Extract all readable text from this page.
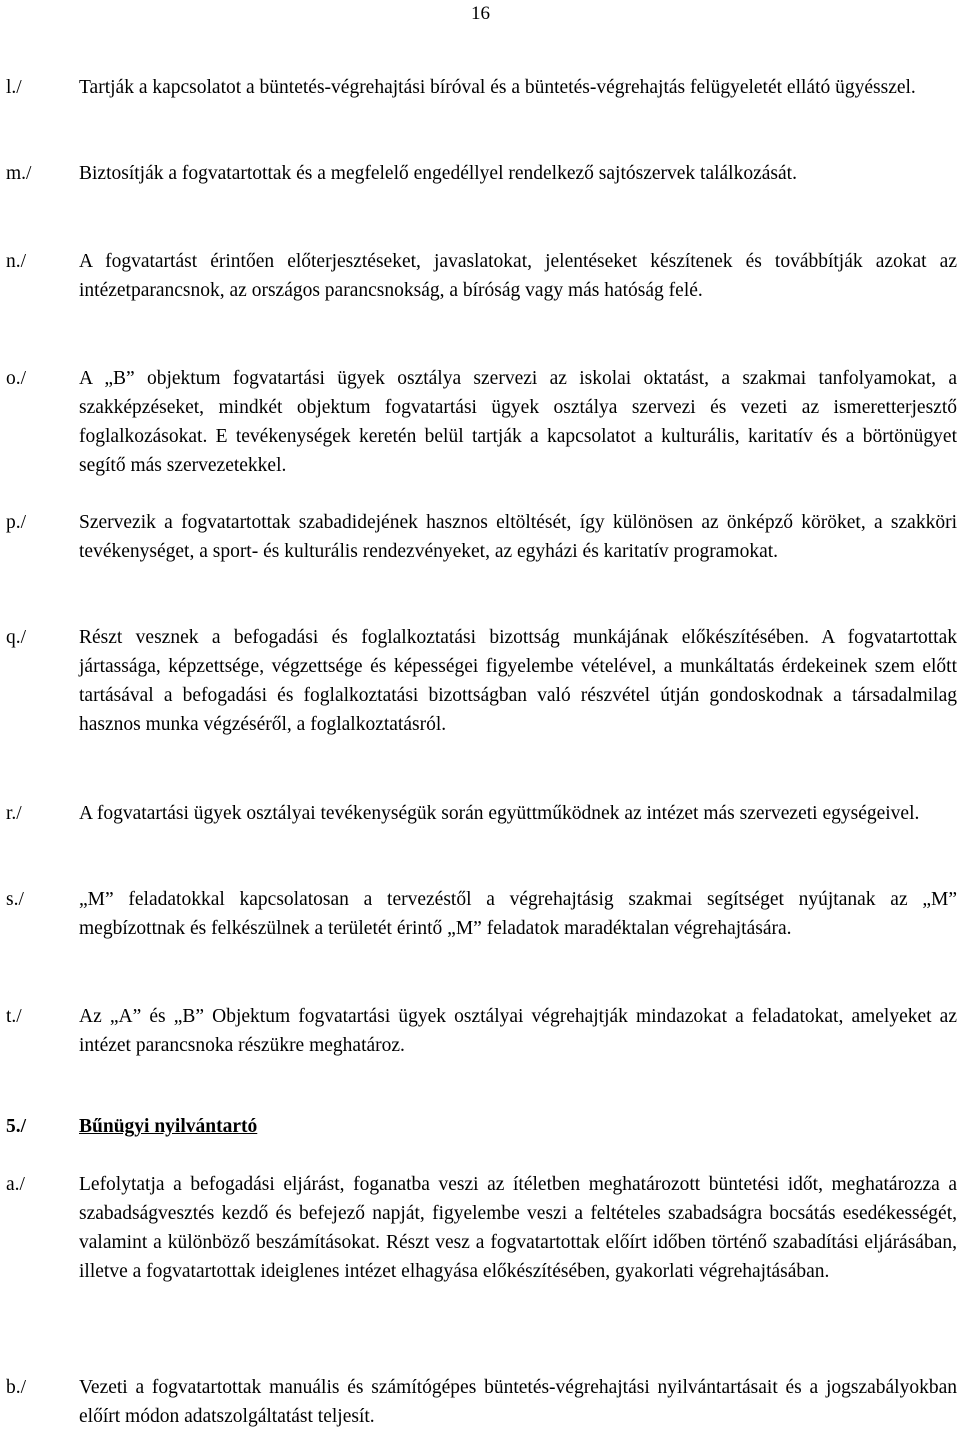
16
l./	Tartják a kapcsolatot a büntetés-végrehajtási bíróval és a büntetés-végrehajtás felügyeletét ellátó ügyésszel.
m./ Biztosítják a fogvatartottak és a megfelelő engedéllyel rendelkező sajtószervek találkozását.
n./	A fogvatartást érintően előterjesztéseket, javaslatokat, jelentéseket készítenek és továbbítják azokat az intézetparancsnok, az országos parancsnokság, a bíróság vagy más hatóság felé.
o./	A „B” objektum fogvatartási ügyek osztálya szervezi az iskolai oktatást, a szakmai tanfolyamokat, a szakképzéseket, mindkét objektum fogvatartási ügyek osztálya szervezi és vezeti az ismeretterjesztő foglalkozásokat. E tevékenységek keretén belül tartják a kapcsolatot a kulturális, karitatív és a börtönügyet segítő más szervezetekkel.
p./	Szervezik a fogvatartottak szabadidejének hasznos eltöltését, így különösen az önképző köröket, a szakköri tevékenységet, a sport- és kulturális rendezvényeket, az egyházi és karitatív programokat.
q./	Részt vesznek a befogadási és foglalkoztatási bizottság munkájának előkészítésében. A fogvatartottak jártassága, képzettsége, végzettsége és képességei figyelembe vételével, a munkáltatás érdekeinek szem előtt tartásával a befogadási és foglalkoztatási bizottságban való részvétel útján gondoskodnak a társadalmilag hasznos munka végzéséről, a foglalkoztatásról.
r./	A fogvatartási ügyek osztályai tevékenységük során együttműködnek az intézet más szervezeti egységeivel.
s./	„M” feladatokkal kapcsolatosan a tervezéstől a végrehajtásig szakmai segítséget nyújtanak az „M” megbízottnak és felkészülnek a területét érintő „M” feladatok maradéktalan végrehajtására.
t./	Az „A” és „B” Objektum fogvatartási ügyek osztályai végrehajtják mindazokat a feladatokat, amelyeket az intézet parancsnoka részükre meghatároz.
5./	Bűnügyi nyilvántartó
a./	Lefolytatja a befogadási eljárást, foganatba veszi az ítéletben meghatározott büntetési időt, meghatározza a szabadságvesztés kezdő és befejező napját, figyelembe veszi a feltételes szabadságra bocsátás esedékességét, valamint a különböző beszámításokat. Részt vesz a fogvatartottak előírt időben történő szabadítási eljárásában, illetve a fogvatartottak ideiglenes intézet elhagyása előkészítésében, gyakorlati végrehajtásában.
b./	Vezeti a fogvatartottak manuális és számítógépes büntetés-végrehajtási nyilvántartásait és a jogszabályokban előírt módon adatszolgáltatást teljesít.
